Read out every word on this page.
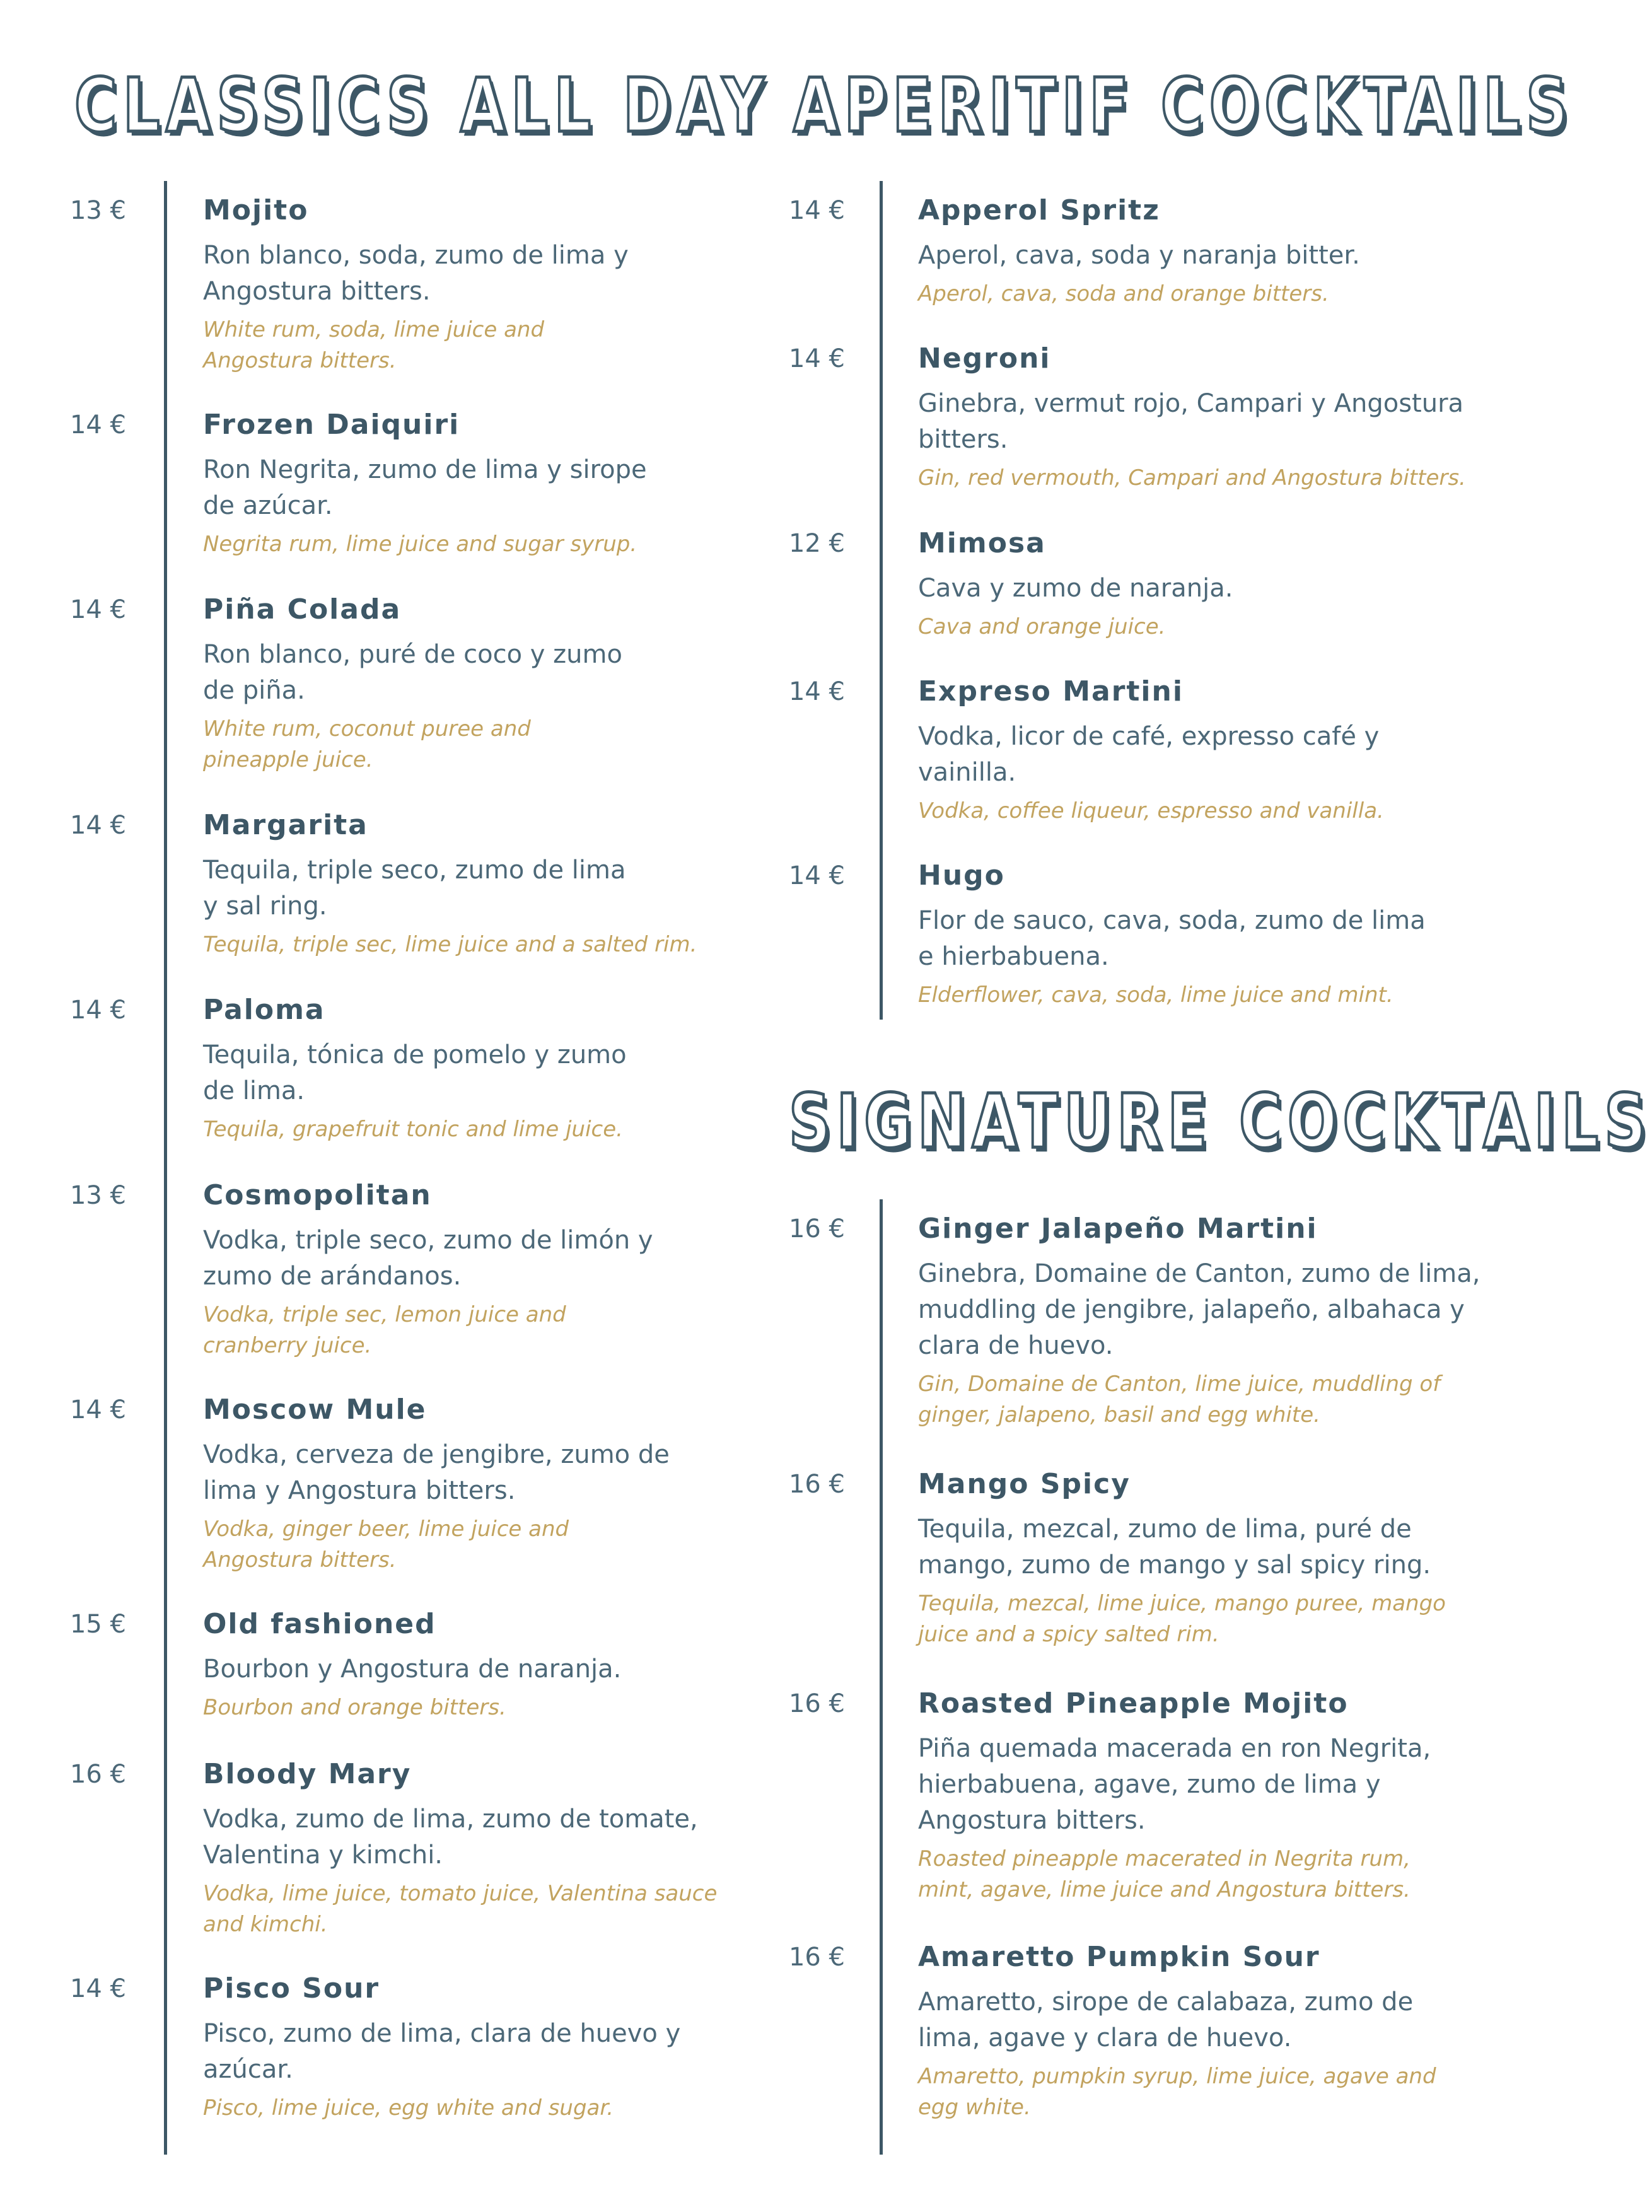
CLASSICS ALL DAY
13 €	Mojito
Ron blanco, soda, zumo de lima y
Angostura bitters.
White rum, soda, lime juice and
Angostura bitters.
14 €	Frozen Daiquiri
Ron Negrita, zumo de lima y sirope
de azúcar.
Negrita rum, lime juice and sugar syrup.
14 €	Piña Colada
Ron blanco, puré de coco y zumo
de piña.
White rum, coconut puree and
pineapple juice.
14 €	Margarita
Tequila, triple seco, zumo de lima
y sal ring.
Tequila, triple sec, lime juice and a salted rim.
14 €	Paloma
Tequila, tónica de pomelo y zumo
de lima.
Tequila, grapefruit tonic and lime juice.
13 €	Cosmopolitan
Vodka, triple seco, zumo de limón y
zumo de arándanos.
Vodka, triple sec, lemon juice and
cranberry juice.
14 €	Moscow Mule
Vodka, cerveza de jengibre, zumo de
lima y Angostura bitters.
Vodka, ginger beer, lime juice and
Angostura bitters.
15 €	Old fashioned
Bourbon y Angostura de naranja.
Bourbon and orange bitters.
16 €	Bloody Mary
Vodka, zumo de lima, zumo de tomate,
Valentina y kimchi.
Vodka, lime juice, tomato juice, Valentina sauce
and kimchi.
14 €	Pisco Sour
Pisco, zumo de lima, clara de huevo y
azúcar.
Pisco, lime juice, egg white and sugar.
APERITIF COCKTAILS
14 €	Apperol Spritz
Aperol, cava, soda y naranja bitter.
Aperol, cava, soda and orange bitters.
14 €	Negroni
Ginebra, vermut rojo, Campari y Angostura
bitters.
Gin, red vermouth, Campari and Angostura bitters.
12 €	Mimosa
Cava y zumo de naranja.
Cava and orange juice.
14 €	Expreso Martini
Vodka, licor de café, expresso café y
vainilla.
Vodka, coffee liqueur, espresso and vanilla.
14 €	Hugo
Flor de sauco, cava, soda, zumo de lima
e hierbabuena.
Elderflower, cava, soda, lime juice and mint.
SIGNATURE COCKTAILS
16 €	Ginger Jalapeño Martini
Ginebra, Domaine de Canton, zumo de lima,
muddling de jengibre, jalapeño, albahaca y
clara de huevo.
Gin, Domaine de Canton, lime juice, muddling of
ginger, jalapeno, basil and egg white.
16 €	Mango Spicy
Tequila, mezcal, zumo de lima, puré de
mango, zumo de mango y sal spicy ring.
Tequila, mezcal, lime juice, mango puree, mango
juice and a spicy salted rim.
16 €	Roasted Pineapple Mojito
Piña quemada macerada en ron Negrita,
hierbabuena, agave, zumo de lima y
Angostura bitters.
Roasted pineapple macerated in Negrita rum,
mint, agave, lime juice and Angostura bitters.
16 €	Amaretto Pumpkin Sour
Amaretto, sirope de calabaza, zumo de
lima, agave y clara de huevo.
Amaretto, pumpkin syrup, lime juice, agave and
egg white.
